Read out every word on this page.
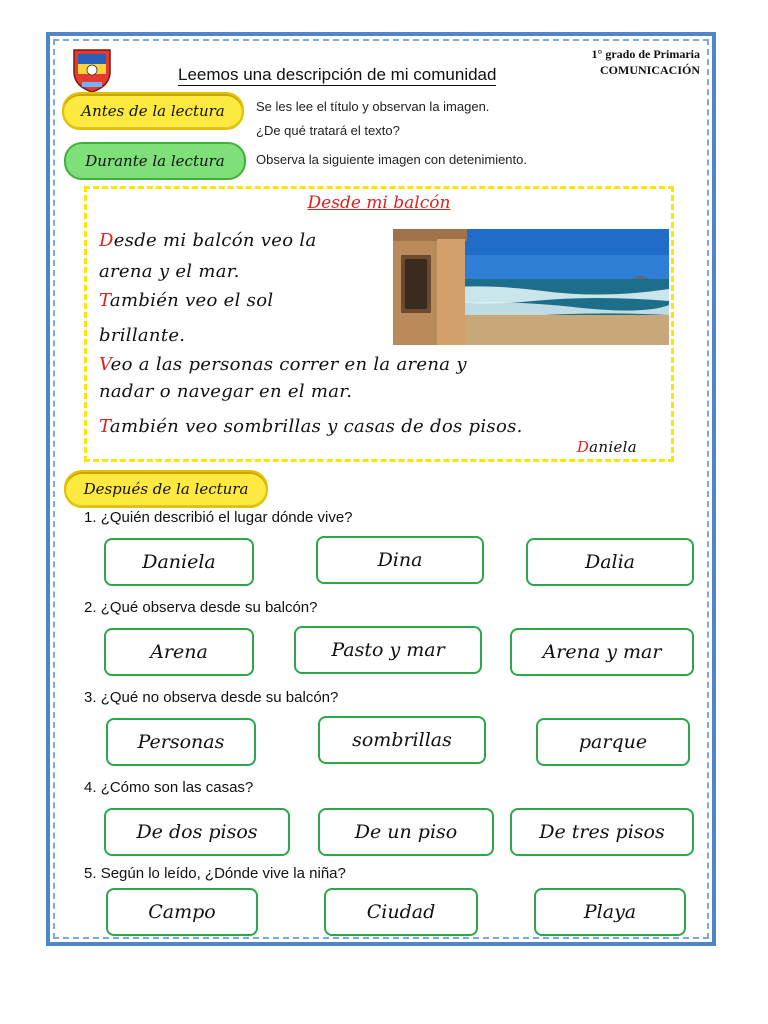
1° grado de Primaria
COMUNICACIÓN
Leemos una descripción de mi comunidad
Antes de la lectura	Se les lee el título y observan la imagen.
¿De qué tratará el texto?
Durante la lectura	Observa la siguiente imagen con detenimiento.
Desde mi balcón
Desde mi balcón veo la
arena y el mar.
También veo el sol
brillante.
Veo a las personas correr en la arena y
nadar o navegar en el mar.
También veo sombrillas y casas de dos pisos.
Daniela
Después de la lectura
1. ¿Quién describió el lugar dónde vive?
Daniela	Dina	Dalia
2. ¿Qué observa desde su balcón?
Arena	Pasto y mar	Arena y mar
3. ¿Qué no observa desde su balcón?
Personas	sombrillas	parque
4. ¿Cómo son las casas?
De dos pisos	De un piso	De tres pisos
5. Según lo leído, ¿Dónde vive la niña?
Campo	Ciudad	Playa
